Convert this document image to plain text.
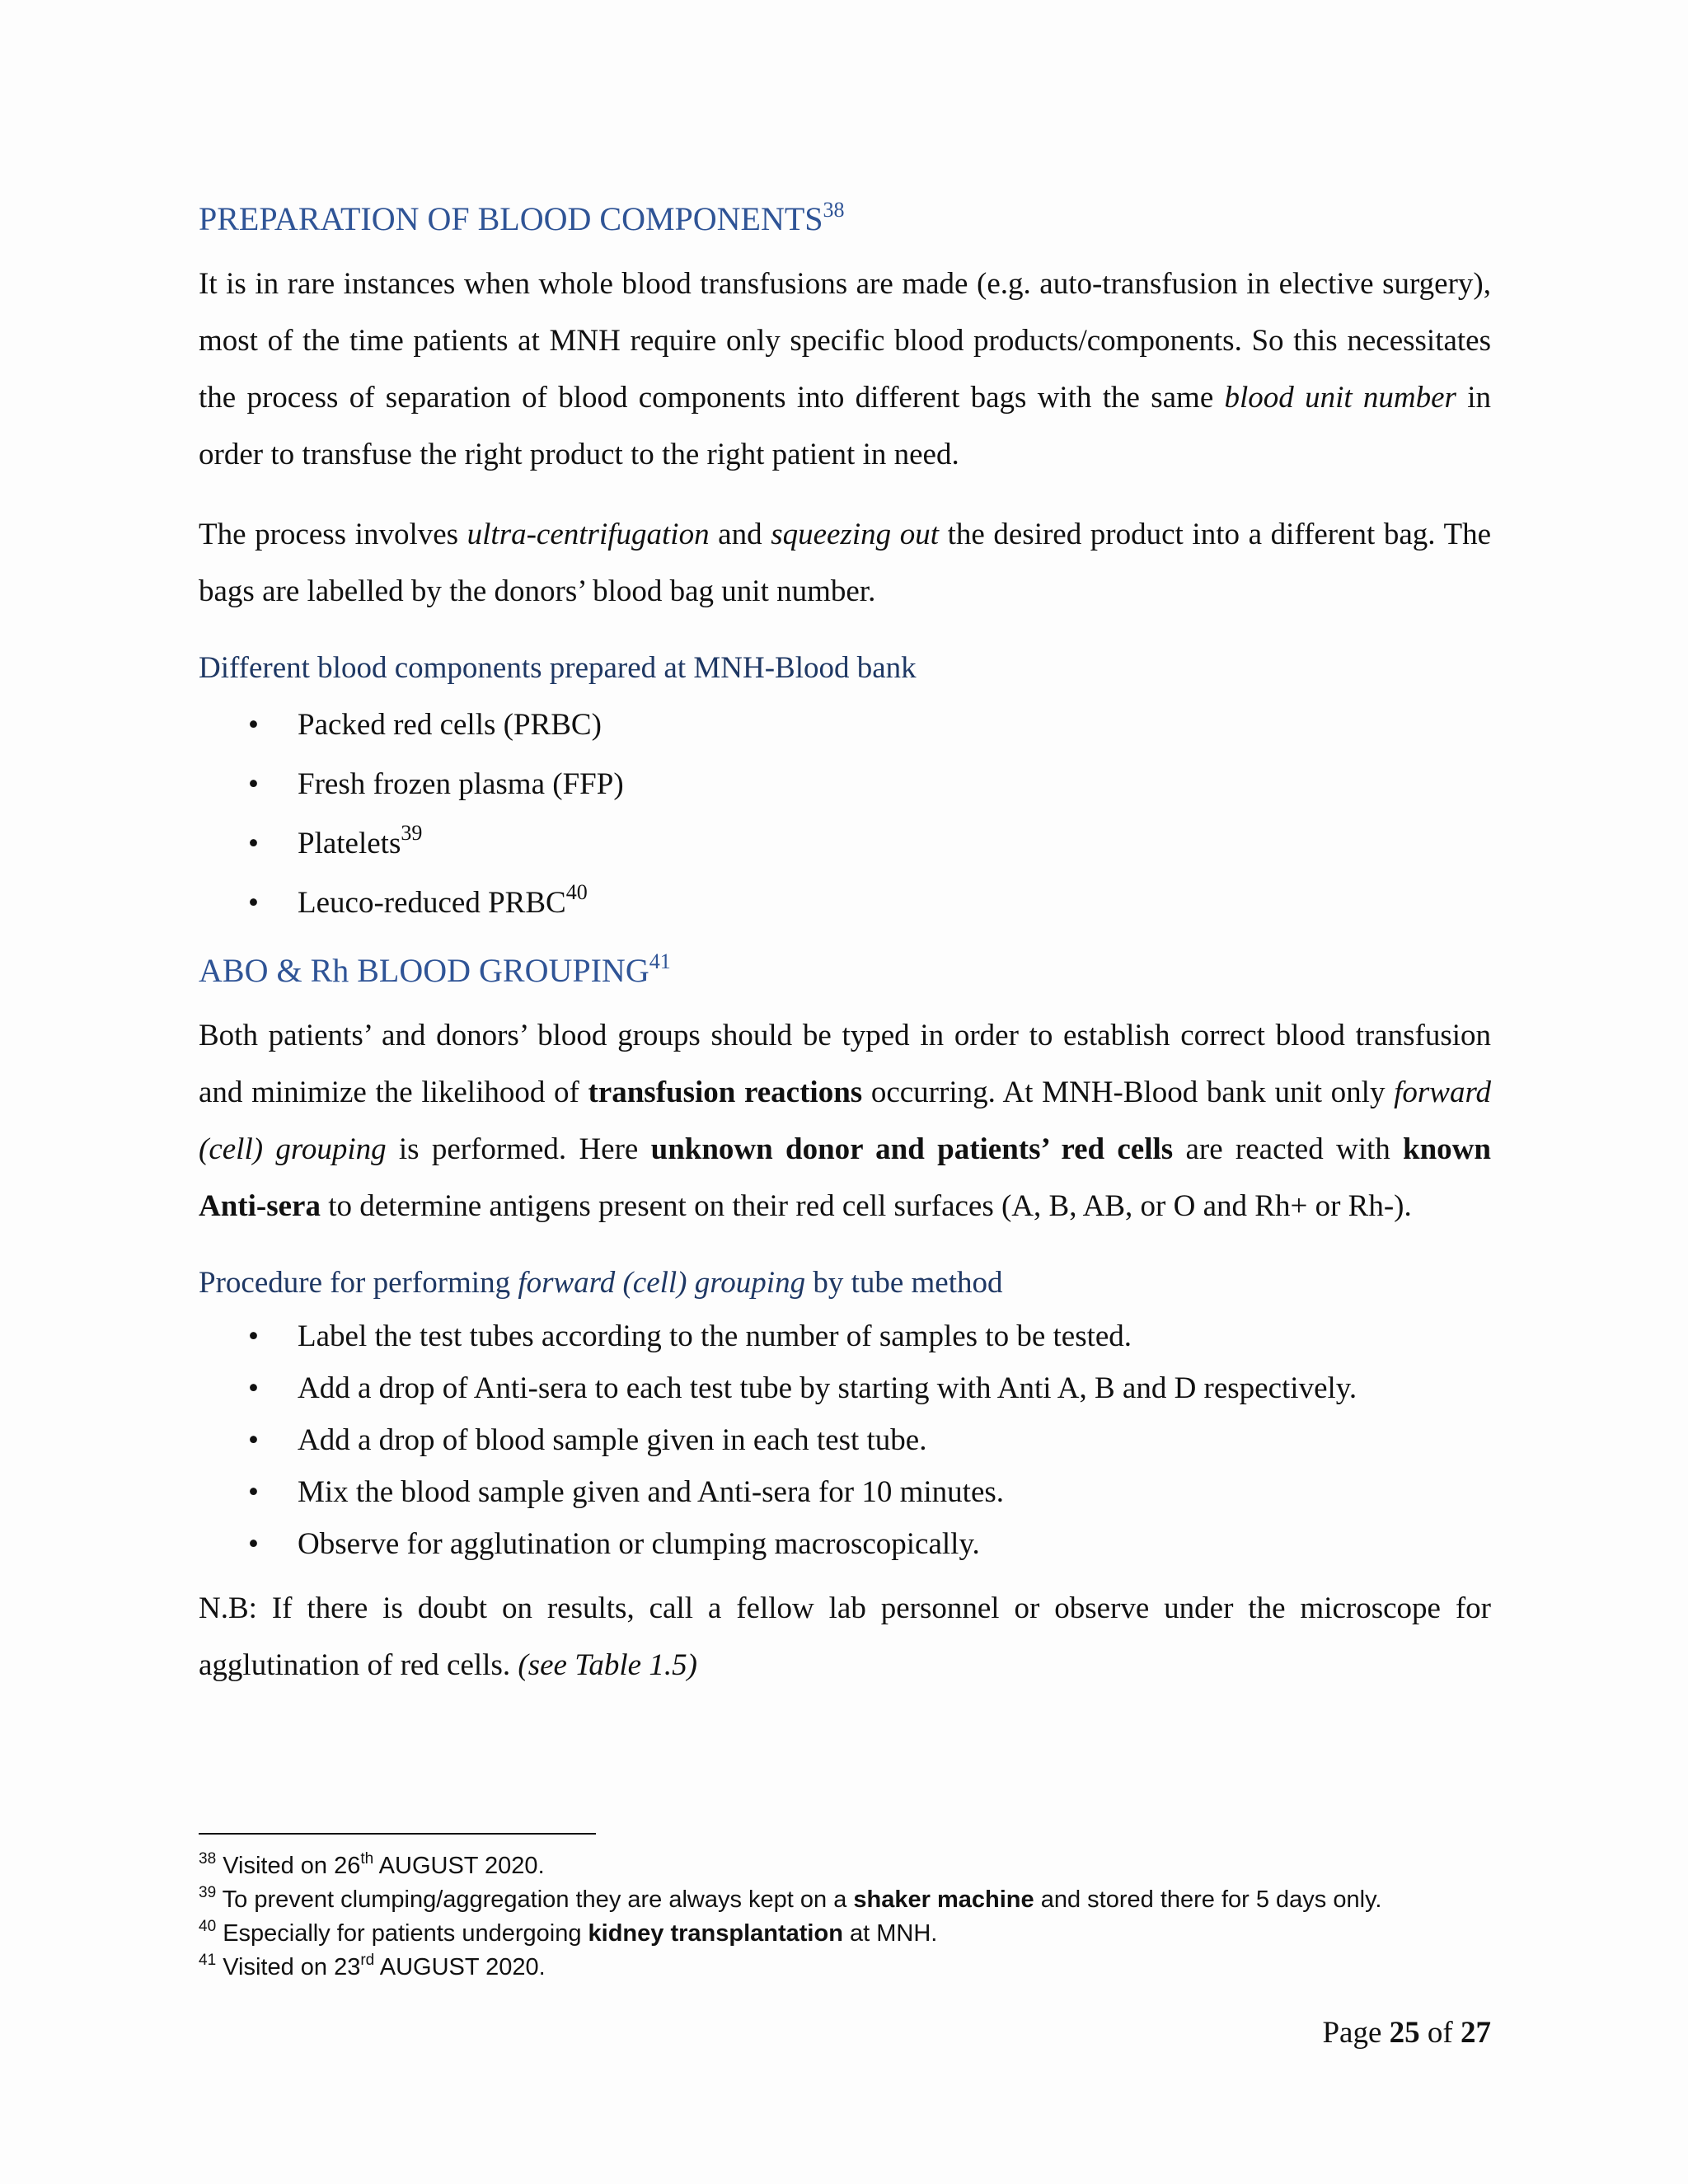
PREPARATION OF BLOOD COMPONENTS$^{38}$

It is in rare instances when whole blood transfusions are made (e.g. auto-transfusion in elective surgery), most of the time patients at MNH require only specific blood products/components. So this necessitates the process of separation of blood components into different bags with the same blood unit number in order to transfuse the right product to the right patient in need.

The process involves ultra-centrifugation and squeezing out the desired product into a different bag. The bags are labelled by the donors’ blood bag unit number.

Different blood components prepared at MNH-Blood bank
• Packed red cells (PRBC)
• Fresh frozen plasma (FFP)
• Platelets$^{39}$
• Leuco-reduced PRBC$^{40}$
ABO & Rh BLOOD GROUPING$^{41}$

Both patients’ and donors’ blood groups should be typed in order to establish correct blood transfusion and minimize the likelihood of transfusion reactions occurring. At MNH-Blood bank unit only forward (cell) grouping is performed. Here unknown donor and patients’ red cells are reacted with known Anti-sera to determine antigens present on their red cell surfaces (A, B, AB, or O and Rh+ or Rh-).

Procedure for performing forward (cell) grouping by tube method
• Label the test tubes according to the number of samples to be tested.
• Add a drop of Anti-sera to each test tube by starting with Anti A, B and D respectively.
• Add a drop of blood sample given in each test tube.
• Mix the blood sample given and Anti-sera for 10 minutes.
• Observe for agglutination or clumping macroscopically.

N.B: If there is doubt on results, call a fellow lab personnel or observe under the microscope for agglutination of red cells. (see Table 1.5)

$^{38}$ Visited on 26th AUGUST 2020.
$^{39}$ To prevent clumping/aggregation they are always kept on a shaker machine and stored there for 5 days only.
$^{40}$ Especially for patients undergoing kidney transplantation at MNH.
$^{41}$ Visited on 23rd AUGUST 2020.
Page 25 of 27
